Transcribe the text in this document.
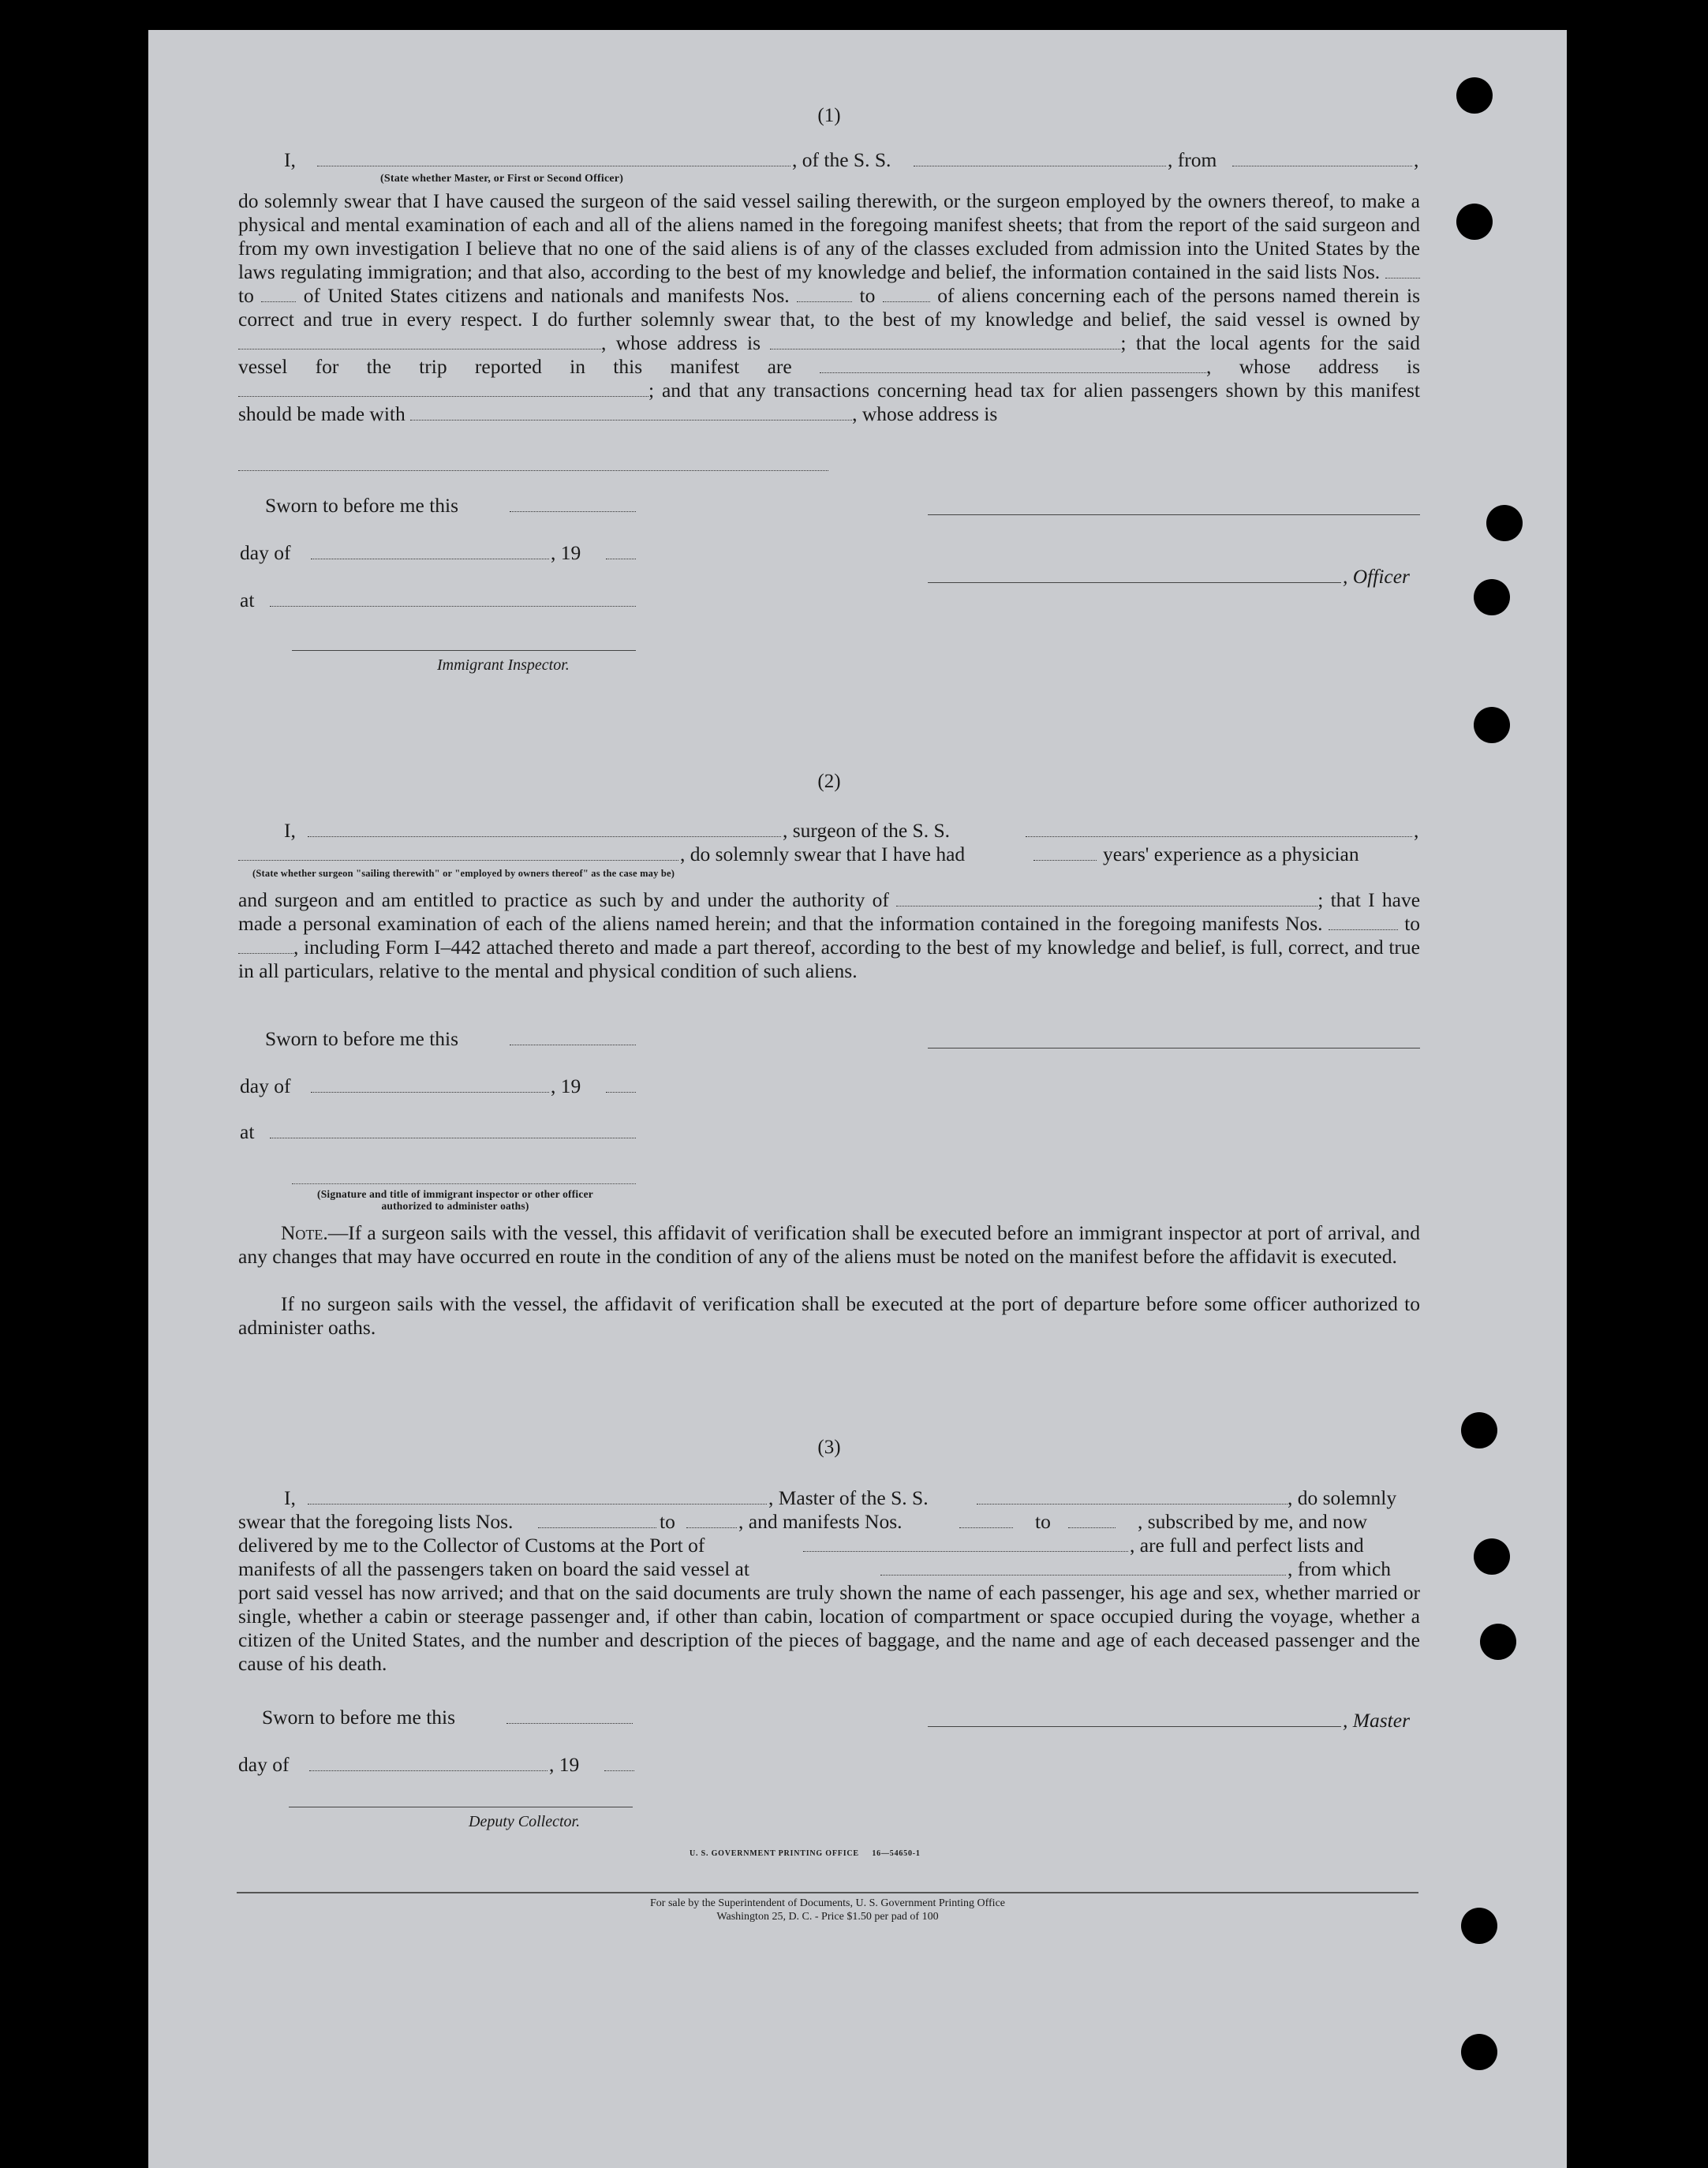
(1)
I,	, of the S. S.	, from	,
(State whether Master, or First or Second Officer)
do solemnly swear that I have caused the surgeon of the said vessel sailing therewith, or the surgeon employed by the owners thereof, to make a physical and mental examination of each and all of the aliens named in the foregoing manifest sheets; that from the report of the said surgeon and from my own investigation I believe that no one of the said aliens is of any of the classes excluded from admission into the United States by the laws regulating immigration; and that also, according to the best of my knowledge and belief, the information contained in the said lists Nos.  to of United States citizens and nationals and manifests Nos.	to	of aliens concerning each of the persons named therein is correct and true in every respect. I do further solemnly swear that, to the best of my knowledge and belief, the said vessel is owned by , whose address is	; that the local agents for the said vessel for the trip reported in this manifest are	, whose address is ; and that any transactions concerning head tax for alien passengers shown by this manifest should be made with	, whose address is
Sworn to before me this
day of	, 19
, Officer
at
Immigrant Inspector.
(2)
I,	, surgeon of the S. S.	,
, do solemnly swear that I have had	years' experience as a physician
(State whether surgeon "sailing therewith" or "employed by owners thereof" as the case may be)
and surgeon and am entitled to practice as such by and under the authority of	; that I have made a personal examination of each of the aliens named herein; and that the information contained in the foregoing manifests Nos.	to , including Form I–442 attached thereto and made a part thereof, according to the best of my knowledge and belief, is full, correct, and true in all particulars, relative to the mental and physical condition of such aliens.
Sworn to before me this
day of	, 19
at
(Signature and title of immigrant inspector or other officer authorized to administer oaths)
Note.—If a surgeon sails with the vessel, this affidavit of verification shall be executed before an immigrant inspector at port of arrival, and any changes that may have occurred en route in the condition of any of the aliens must be noted on the manifest before the affidavit is executed.
If no surgeon sails with the vessel, the affidavit of verification shall be executed at the port of departure before some officer authorized to administer oaths.
(3)
I,	, Master of the S. S.	, do solemnly
swear that the foregoing lists Nos.	to	, and manifests Nos.	to	, subscribed by me, and now
delivered by me to the Collector of Customs at the Port of	, are full and perfect lists and
manifests of all the passengers taken on board the said vessel at	, from which
port said vessel has now arrived; and that on the said documents are truly shown the name of each passenger, his age and sex, whether married or single, whether a cabin or steerage passenger and, if other than cabin, location of compartment or space occupied during the voyage, whether a citizen of the United States, and the number and description of the pieces of baggage, and the name and age of each deceased passenger and the cause of his death.
Sworn to before me this	, Master
day of	, 19
Deputy Collector.
U. S. GOVERNMENT PRINTING OFFICE     16—54650-1
For sale by the Superintendent of Documents, U. S. Government Printing Office
Washington 25, D. C. - Price $1.50 per pad of 100
